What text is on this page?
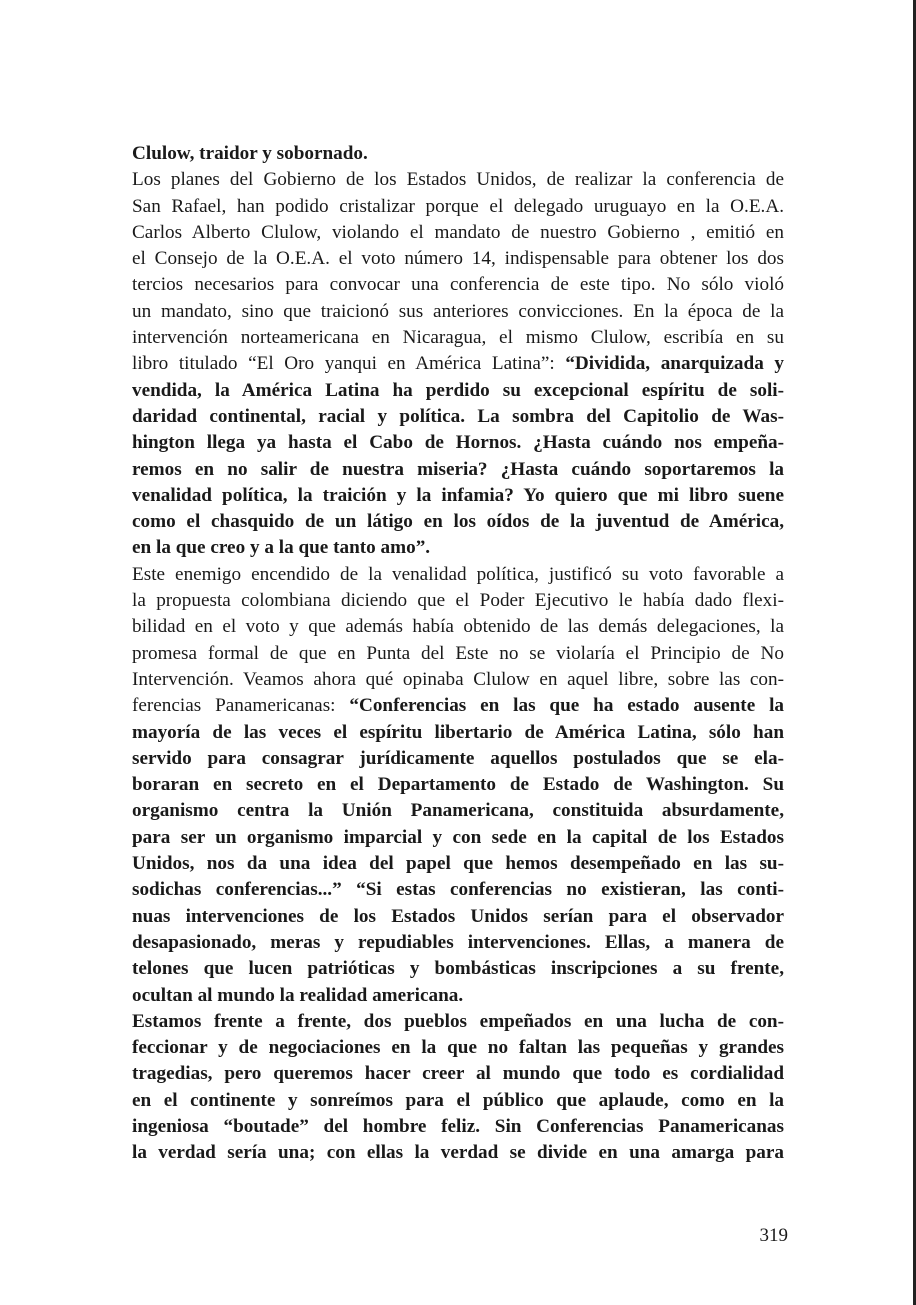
Clulow, traidor y sobornado.
Los planes del Gobierno de los Estados Unidos, de realizar la conferencia de
San Rafael, han podido cristalizar porque el delegado uruguayo en la O.E.A.
Carlos Alberto Clulow, violando el mandato de nuestro Gobierno , emitió en
el Consejo de la O.E.A. el voto número 14, indispensable para obtener los dos
tercios necesarios para convocar una conferencia de este tipo. No sólo violó
un mandato, sino que traicionó sus anteriores convicciones. En la época de la
intervención norteamericana en Nicaragua, el mismo Clulow, escribía en su
libro titulado “El Oro yanqui en América Latina”: “Dividida, anarquizada y
vendida, la América Latina ha perdido su excepcional espíritu de soli-
daridad continental, racial y política. La sombra del Capitolio de Was-
hington llega ya hasta el Cabo de Hornos. ¿Hasta cuándo nos empeña-
remos en no salir de nuestra miseria? ¿Hasta cuándo soportaremos la
venalidad política, la traición y la infamia? Yo quiero que mi libro suene
como el chasquido de un látigo en los oídos de la juventud de América,
en la que creo y a la que tanto amo”.
Este enemigo encendido de la venalidad política, justificó su voto favorable a
la propuesta colombiana diciendo que el Poder Ejecutivo le había dado flexi-
bilidad en el voto y que además había obtenido de las demás delegaciones, la
promesa formal de que en Punta del Este no se violaría el Principio de No
Intervención. Veamos ahora qué opinaba Clulow en aquel libre, sobre las con-
ferencias Panamericanas: “Conferencias en las que ha estado ausente la
mayoría de las veces el espíritu libertario de América Latina, sólo han
servido para consagrar jurídicamente aquellos postulados que se ela-
boraran en secreto en el Departamento de Estado de Washington. Su
organismo centra la Unión Panamericana, constituida absurdamente,
para ser un organismo imparcial y con sede en la capital de los Estados
Unidos, nos da una idea del papel que hemos desempeñado en las su-
sodichas conferencias...” “Si estas conferencias no existieran, las conti-
nuas intervenciones de los Estados Unidos serían para el observador
desapasionado, meras y repudiables intervenciones. Ellas, a manera de
telones que lucen patrióticas y bombásticas inscripciones a su frente,
ocultan al mundo la realidad americana.
Estamos frente a frente, dos pueblos empeñados en una lucha de con-
feccionar y de negociaciones en la que no faltan las pequeñas y grandes
tragedias, pero queremos hacer creer al mundo que todo es cordialidad
en el continente y sonreímos para el público que aplaude, como en la
ingeniosa “boutade” del hombre feliz. Sin Conferencias Panamericanas
la verdad sería una; con ellas la verdad se divide en una amarga para
319
